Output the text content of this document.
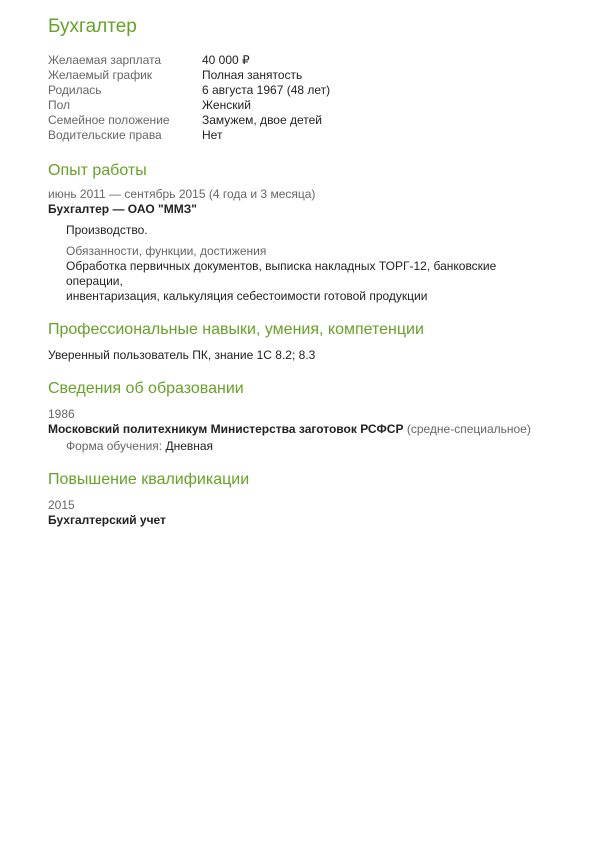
Бухгалтер
Желаемая зарплата	40 000 ₽
Желаемый график	Полная занятость
Родилась	6 августа 1967 (48 лет)
Пол	Женский
Семейное положение	Замужем, двое детей
Водительские права	Нет
Опыт работы
июнь 2011 — сентябрь 2015 (4 года и 3 месяца)
Бухгалтер — ОАО "ММЗ"
Производство.
Обязанности, функции, достижения
Обработка первичных документов, выписка накладных ТОРГ-12, банковские операции,
инвентаризация, калькуляция себестоимости готовой продукции
Профессиональные навыки, умения, компетенции
Уверенный пользователь ПК, знание 1С 8.2; 8.3
Сведения об образовании
1986
Московский политехникум Министерства заготовок РСФСР (средне-специальное)
Форма обучения: Дневная
Повышение квалификации
2015
Бухгалтерский учет
